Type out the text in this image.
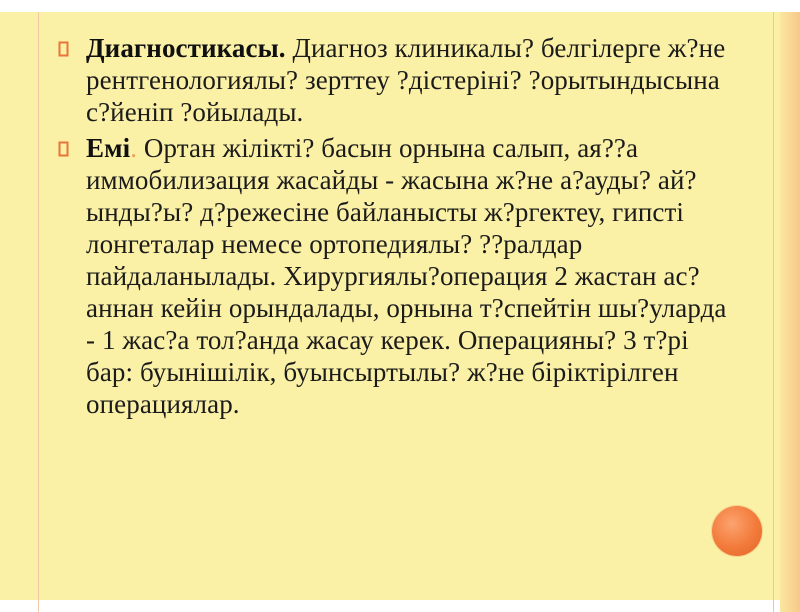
Диагностикасы. Диагноз клиникалы? белгілерге ж?не рентгенологиялы? зерттеу ?дістеріні? ?орытындысына с?йеніп ?ойылады.
Емі. Ортан жілікті? басын орнына салып, ая??а иммобилизация жасайды - жасына ж?не а?ауды? ай?ынды?ы? д?режесіне байланысты ж?ргектеу, гипсті лонгеталар немесе ортопедиялы? ??ралдар пайдаланылады. Хирургиялы?операция 2 жастан ас?аннан кейін орындалады, орнына т?спейтін шы?уларда - 1 жас?а тол?анда жасау керек. Операцияны? 3 т?рі бар: буынішілік, буынсыртылы? ж?не біріктірілген операциялар.
